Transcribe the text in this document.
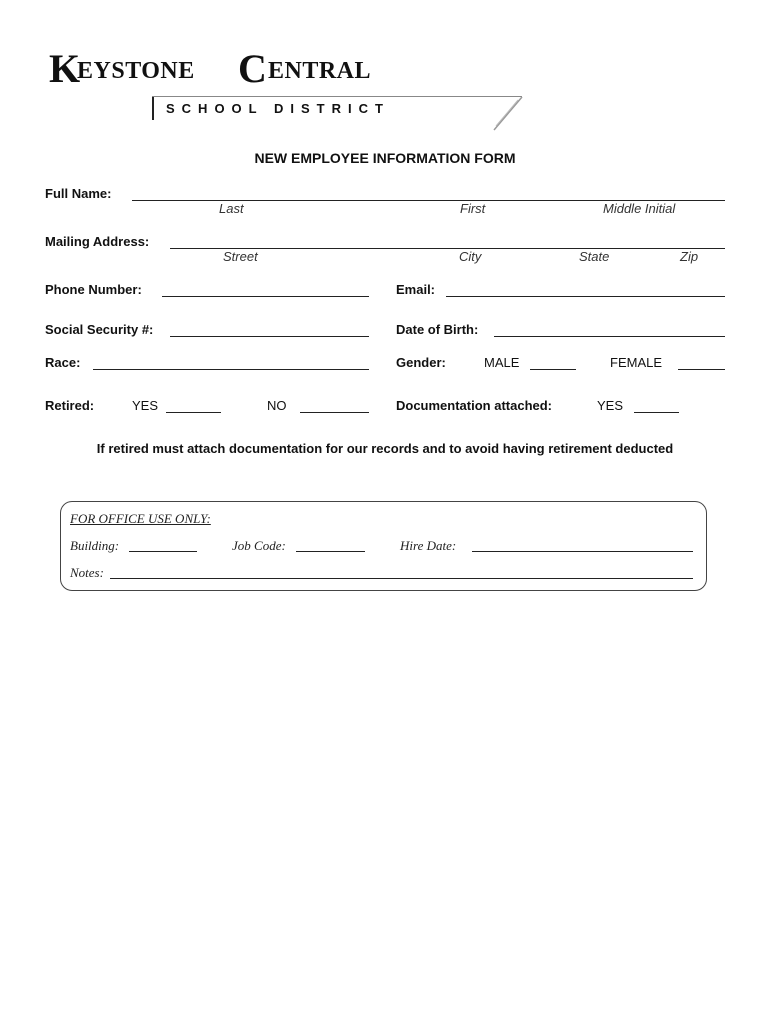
K
EYSTONE C ENTRAL
SCHOOL DISTRICT
NEW EMPLOYEE INFORMATION FORM
Full Name:
Last	First	Middle Initial
Mailing Address:
Street	City	State	Zip
Phone Number:	Email:
Social Security #:	Date of Birth:
Race:	Gender:	MALE	FEMALE
Retired:	YES	NO	Documentation attached:	YES
If retired must attach documentation for our records and to avoid having retirement deducted
FOR OFFICE USE ONLY:
Building:	Job Code:	Hire Date:
Notes:
